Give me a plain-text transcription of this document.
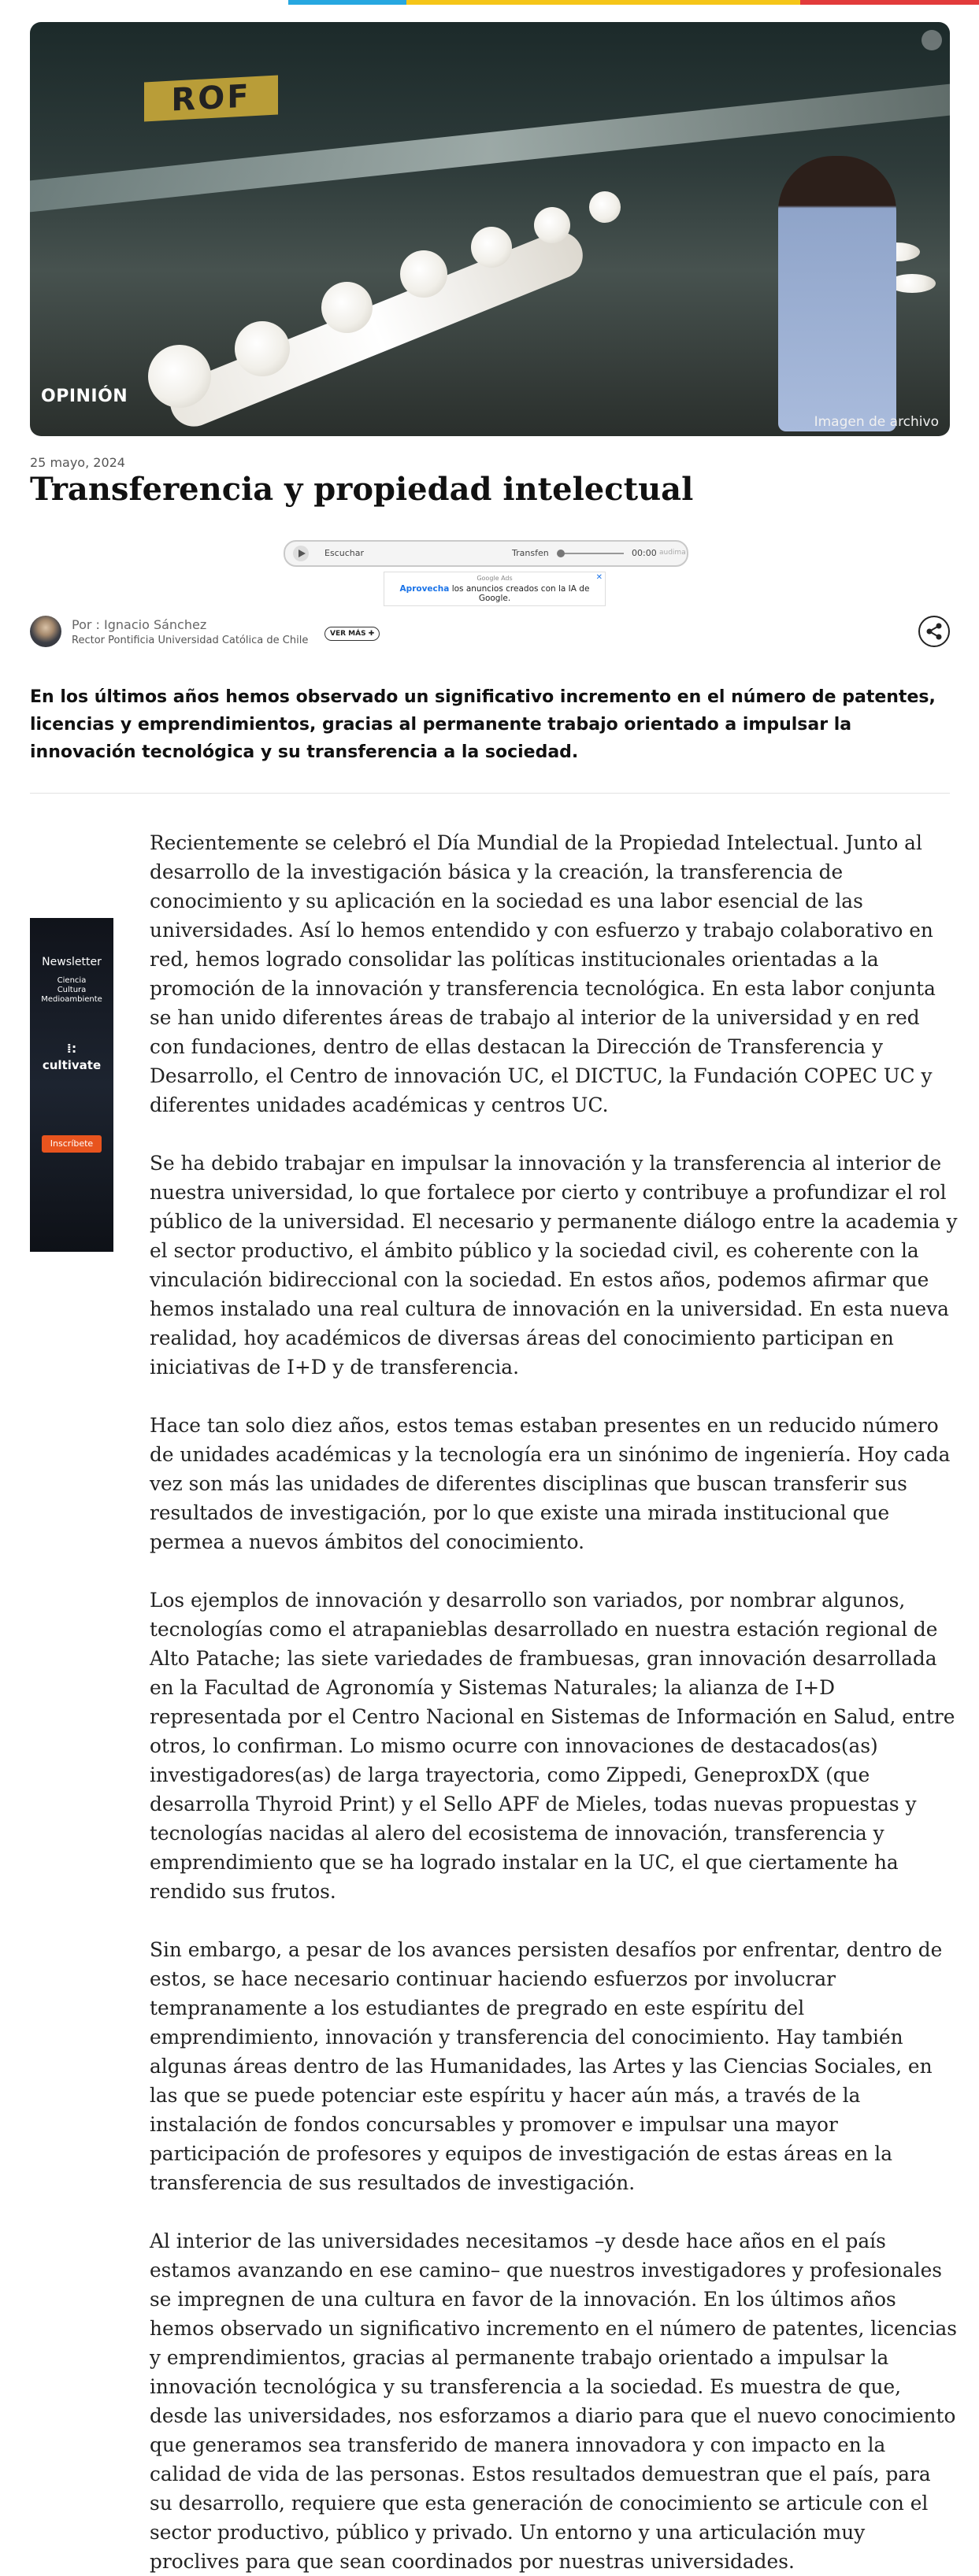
ROF
OPINIÓN
Imagen de archivo
25 mayo, 2024
Transferencia y propiedad intelectual
Escuchar	Transfen	00:00 audima
Google Ads
Aprovecha los anuncios creados con la IA de Google.
✕
Por : Ignacio Sánchez
Rector Pontificia Universidad Católica de Chile
VER MÁS ✚

En los últimos años hemos observado un significativo incremento en el número de patentes, licencias y emprendimientos, gracias al permanente trabajo orientado a impulsar la innovación tecnológica y su transferencia a la sociedad.

Newsletter
Ciencia
Cultura
Medioambiente
⁞:
cultivate
Inscríbete

Recientemente se celebró el Día Mundial de la Propiedad Intelectual. Junto al desarrollo de la investigación básica y la creación, la transferencia de conocimiento y su aplicación en la sociedad es una labor esencial de las universidades. Así lo hemos entendido y con esfuerzo y trabajo colaborativo en red, hemos logrado consolidar las políticas institucionales orientadas a la promoción de la innovación y transferencia tecnológica. En esta labor conjunta se han unido diferentes áreas de trabajo al interior de la universidad y en red con fundaciones, dentro de ellas destacan la Dirección de Transferencia y Desarrollo, el Centro de innovación UC, el DICTUC, la Fundación COPEC UC y diferentes unidades académicas y centros UC.

Se ha debido trabajar en impulsar la innovación y la transferencia al interior de nuestra universidad, lo que fortalece por cierto y contribuye a profundizar el rol público de la universidad. El necesario y permanente diálogo entre la academia y el sector productivo, el ámbito público y la sociedad civil, es coherente con la vinculación bidireccional con la sociedad. En estos años, podemos afirmar que hemos instalado una real cultura de innovación en la universidad. En esta nueva realidad, hoy académicos de diversas áreas del conocimiento participan en iniciativas de I+D y de transferencia.

Hace tan solo diez años, estos temas estaban presentes en un reducido número de unidades académicas y la tecnología era un sinónimo de ingeniería. Hoy cada vez son más las unidades de diferentes disciplinas que buscan transferir sus resultados de investigación, por lo que existe una mirada institucional que permea a nuevos ámbitos del conocimiento.

Los ejemplos de innovación y desarrollo son variados, por nombrar algunos, tecnologías como el atrapanieblas desarrollado en nuestra estación regional de Alto Patache; las siete variedades de frambuesas, gran innovación desarrollada en la Facultad de Agronomía y Sistemas Naturales; la alianza de I+D representada por el Centro Nacional en Sistemas de Información en Salud, entre otros, lo confirman. Lo mismo ocurre con innovaciones de destacados(as) investigadores(as) de larga trayectoria, como Zippedi, GeneproxDX (que desarrolla Thyroid Print) y el Sello APF de Mieles, todas nuevas propuestas y tecnologías nacidas al alero del ecosistema de innovación, transferencia y emprendimiento que se ha logrado instalar en la UC, el que ciertamente ha rendido sus frutos.

Sin embargo, a pesar de los avances persisten desafíos por enfrentar, dentro de estos, se hace necesario continuar haciendo esfuerzos por involucrar tempranamente a los estudiantes de pregrado en este espíritu del emprendimiento, innovación y transferencia del conocimiento. Hay también algunas áreas dentro de las Humanidades, las Artes y las Ciencias Sociales, en las que se puede potenciar este espíritu y hacer aún más, a través de la instalación de fondos concursables y promover e impulsar una mayor participación de profesores y equipos de investigación de estas áreas en la transferencia de sus resultados de investigación.

Al interior de las universidades necesitamos –y desde hace años en el país estamos avanzando en ese camino– que nuestros investigadores y profesionales se impregnen de una cultura en favor de la innovación. En los últimos años hemos observado un significativo incremento en el número de patentes, licencias y emprendimientos, gracias al permanente trabajo orientado a impulsar la innovación tecnológica y su transferencia a la sociedad. Es muestra de que, desde las universidades, nos esforzamos a diario para que el nuevo conocimiento que generamos sea transferido de manera innovadora y con impacto en la calidad de vida de las personas. Estos resultados demuestran que el país, para su desarrollo, requiere que esta generación de conocimiento se articule con el sector productivo, público y privado. Un entorno y una articulación muy proclives para que sean coordinados por nuestras universidades.
